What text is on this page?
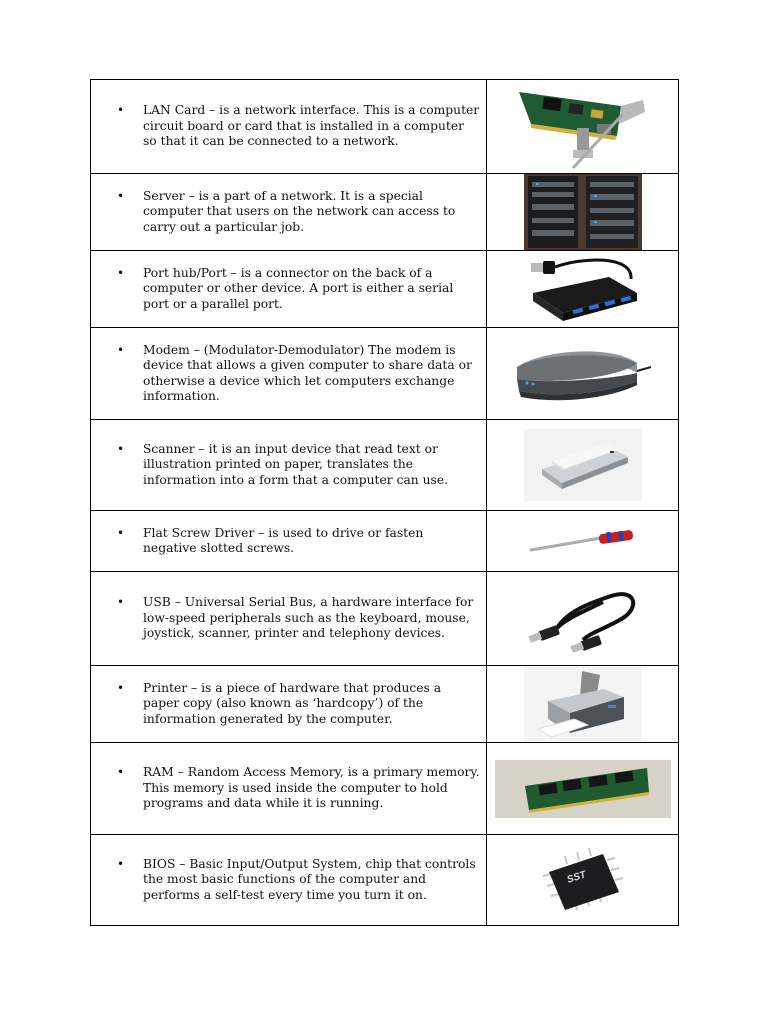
• LAN Card – is a network interface. This is a computer circuit board or card that is installed in a computer so that it can be connected to a network.

• Server – is a part of a network. It is a special computer that users on the network can access to carry out a particular job.

• Port hub/Port – is a connector on the back of a computer or other device. A port is either a serial port or a parallel port.

• Modem – (Modulator-Demodulator) The modem is device that allows a given computer to share data or otherwise a device which let computers exchange information.

• Scanner – it is an input device that read text or illustration printed on paper, translates the information into a form that a computer can use.

• Flat Screw Driver – is used to drive or fasten negative slotted screws.

• USB – Universal Serial Bus, a hardware interface for low-speed peripherals such as the keyboard, mouse, joystick, scanner, printer and telephony devices.

• Printer – is a piece of hardware that produces a paper copy (also known as ‘hardcopy’) of the information generated by the computer.

• RAM – Random Access Memory, is a primary memory. This memory is used inside the computer to hold programs and data while it is running.

• BIOS – Basic Input/Output System, chip that controls the most basic functions of the computer and performs a self-test every time you turn it on.	SST
